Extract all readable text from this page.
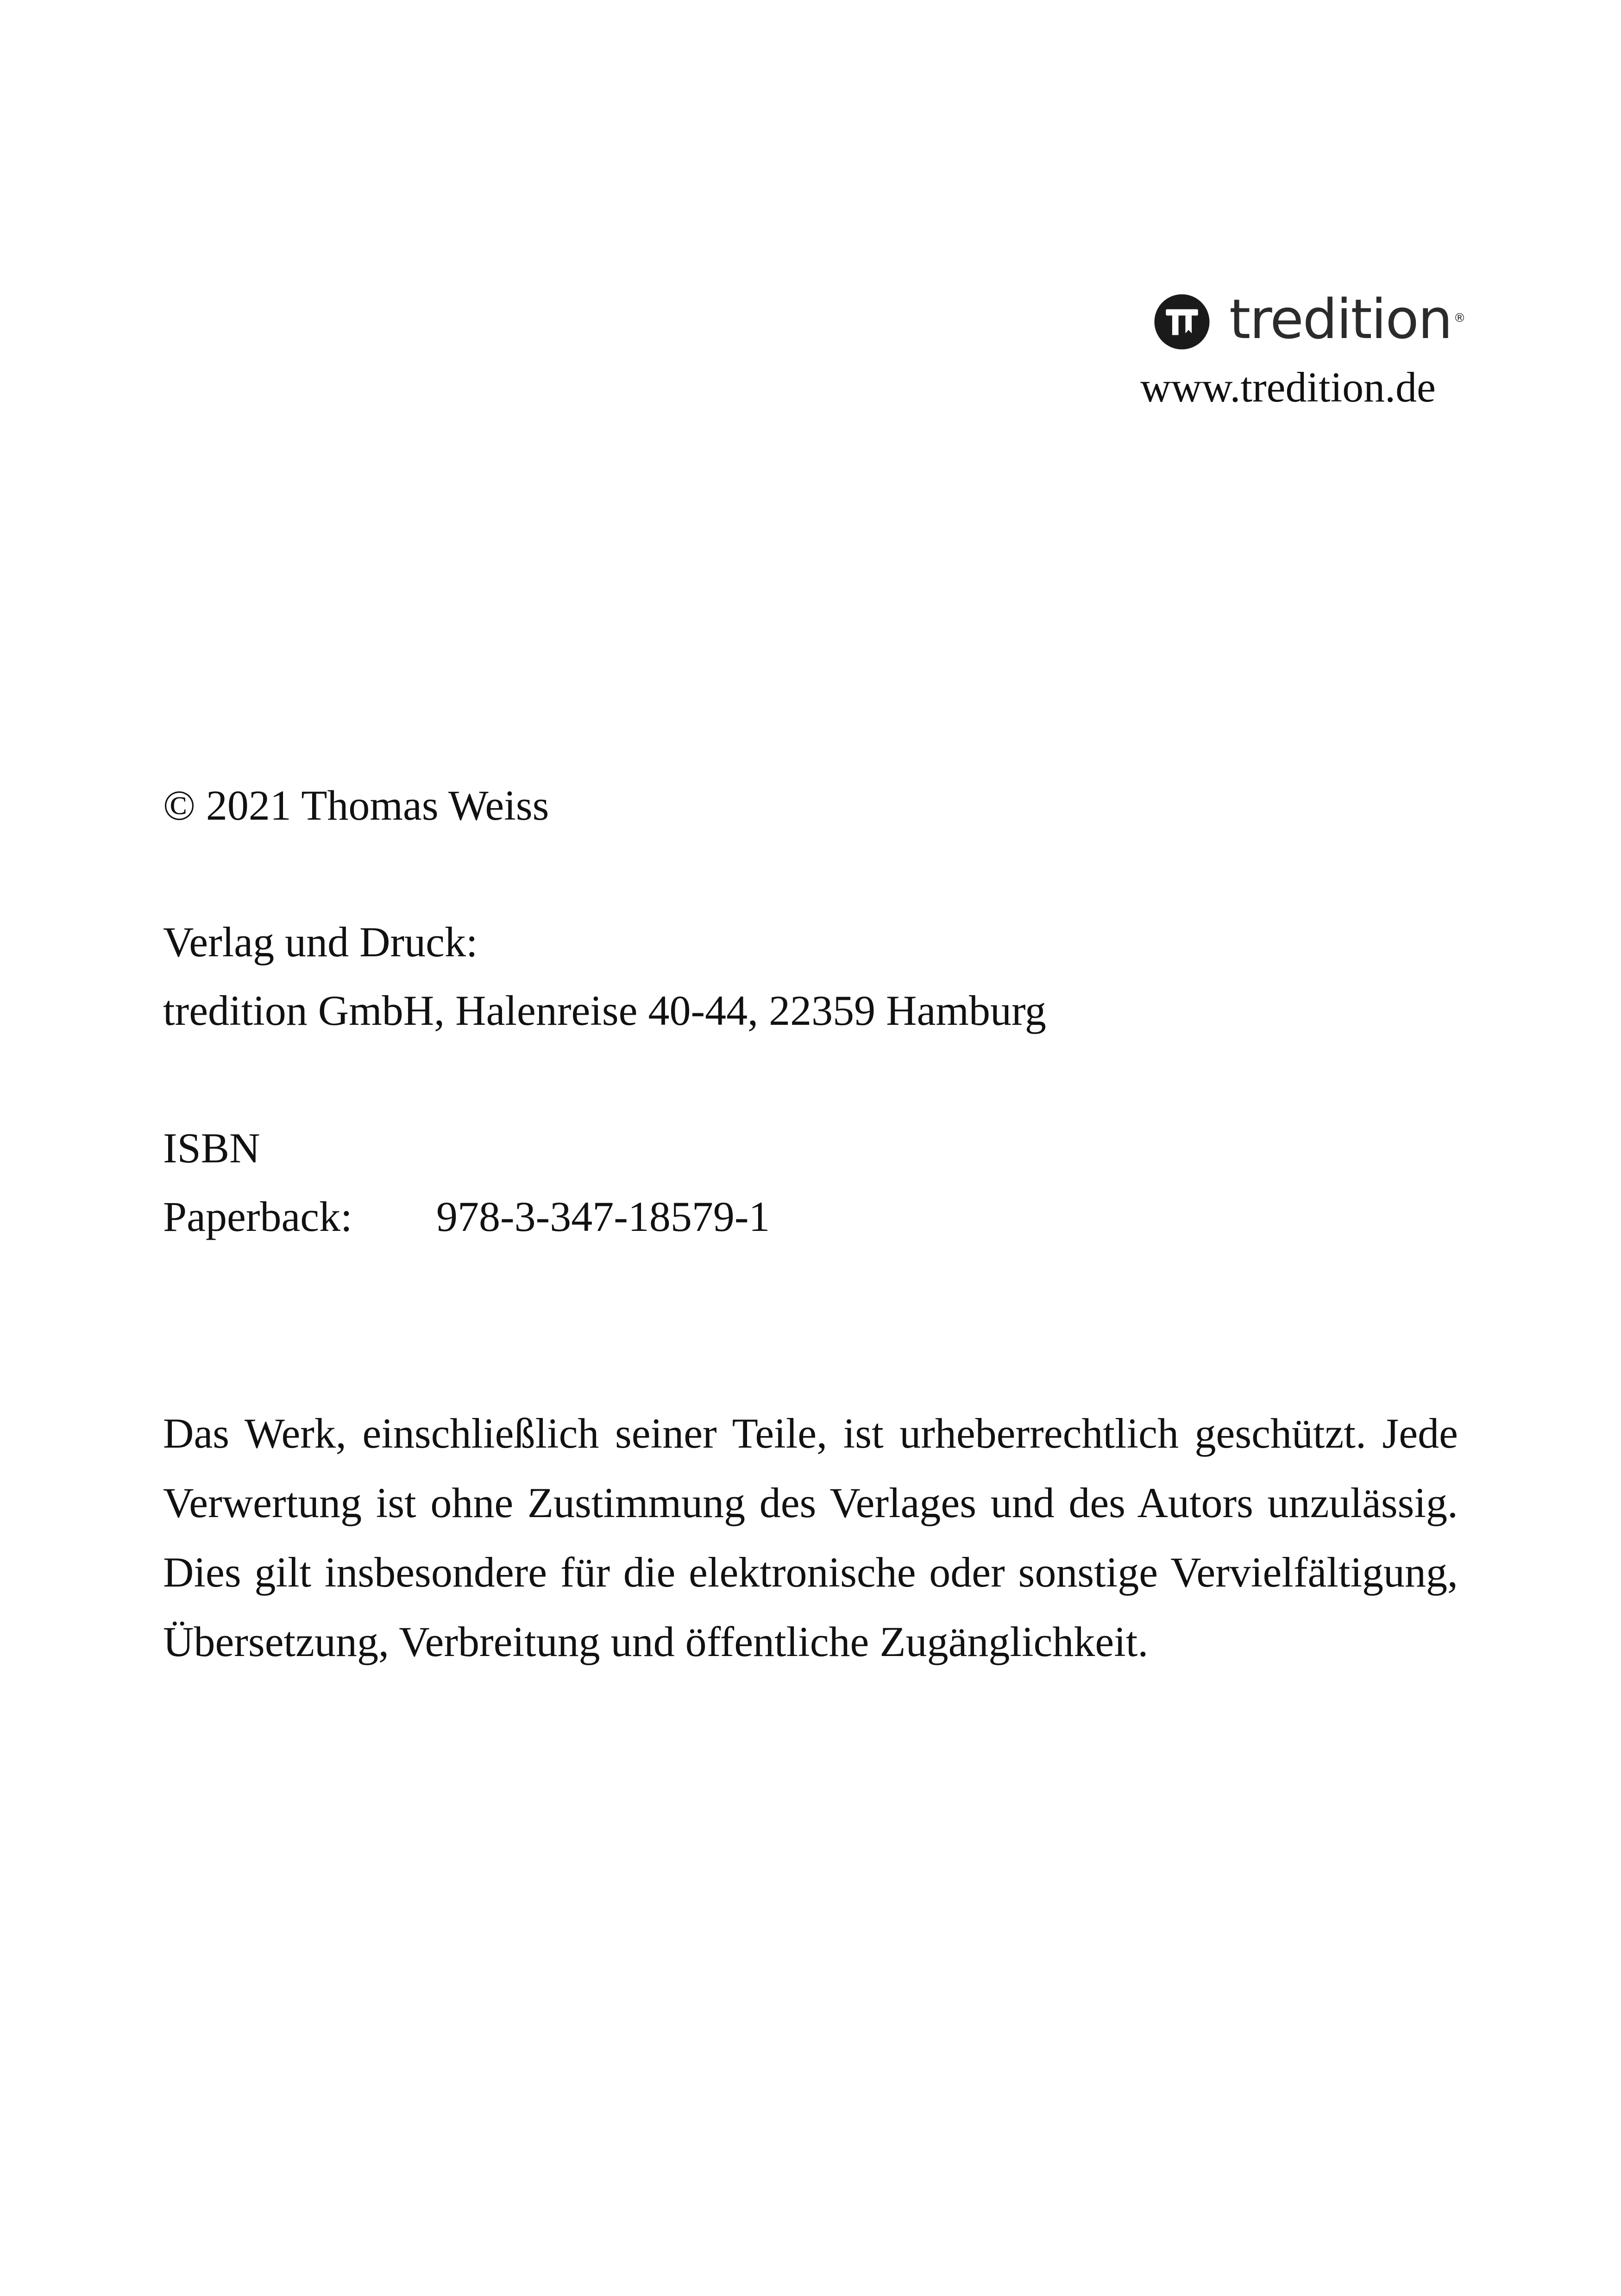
tredition ®
www.tredition.de
© 2021 Thomas Weiss
Verlag und Druck:
tredition GmbH, Halenreise 40-44, 22359 Hamburg
ISBN
Paperback:	978-3-347-18579-1

Das Werk, einschließlich seiner Teile, ist urheberrechtlich geschützt. Jede Verwertung ist ohne Zustimmung des Verlages und des Autors unzulässig. Dies gilt insbesondere für die elektronische oder sonstige Vervielfältigung, Übersetzung, Verbreitung und öffentliche Zugänglichkeit.
